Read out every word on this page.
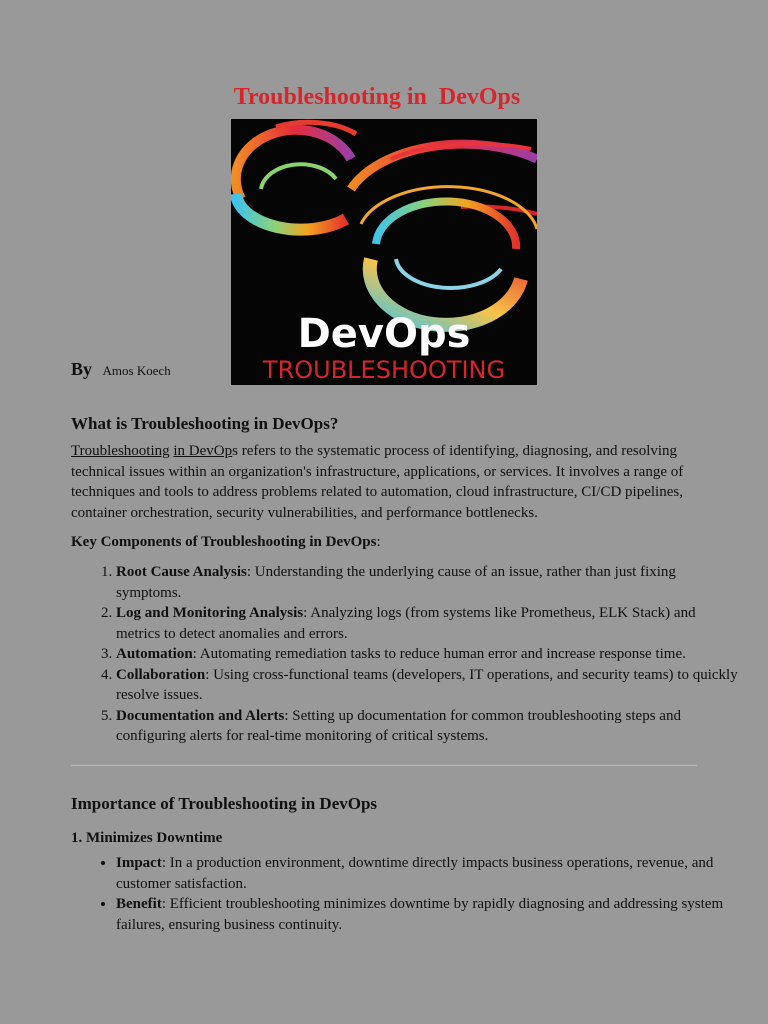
Troubleshooting in  DevOps
DevOps
TROUBLESHOOTING
By Amos Koech
What is Troubleshooting in DevOps?
Troubleshooting in DevOps refers to the systematic process of identifying, diagnosing, and resolving technical issues within an organization's infrastructure, applications, or services. It involves a range of techniques and tools to address problems related to automation, cloud infrastructure, CI/CD pipelines, container orchestration, security vulnerabilities, and performance bottlenecks.
Key Components of Troubleshooting in DevOps:
1. Root Cause Analysis: Understanding the underlying cause of an issue, rather than just fixing symptoms.
2. Log and Monitoring Analysis: Analyzing logs (from systems like Prometheus, ELK Stack) and metrics to detect anomalies and errors.
3. Automation: Automating remediation tasks to reduce human error and increase response time.
4. Collaboration: Using cross-functional teams (developers, IT operations, and security teams) to quickly resolve issues.
5. Documentation and Alerts: Setting up documentation for common troubleshooting steps and configuring alerts for real-time monitoring of critical systems.
Importance of Troubleshooting in DevOps
1. Minimizes Downtime
• Impact: In a production environment, downtime directly impacts business operations, revenue, and customer satisfaction.
• Benefit: Efficient troubleshooting minimizes downtime by rapidly diagnosing and addressing system failures, ensuring business continuity.
